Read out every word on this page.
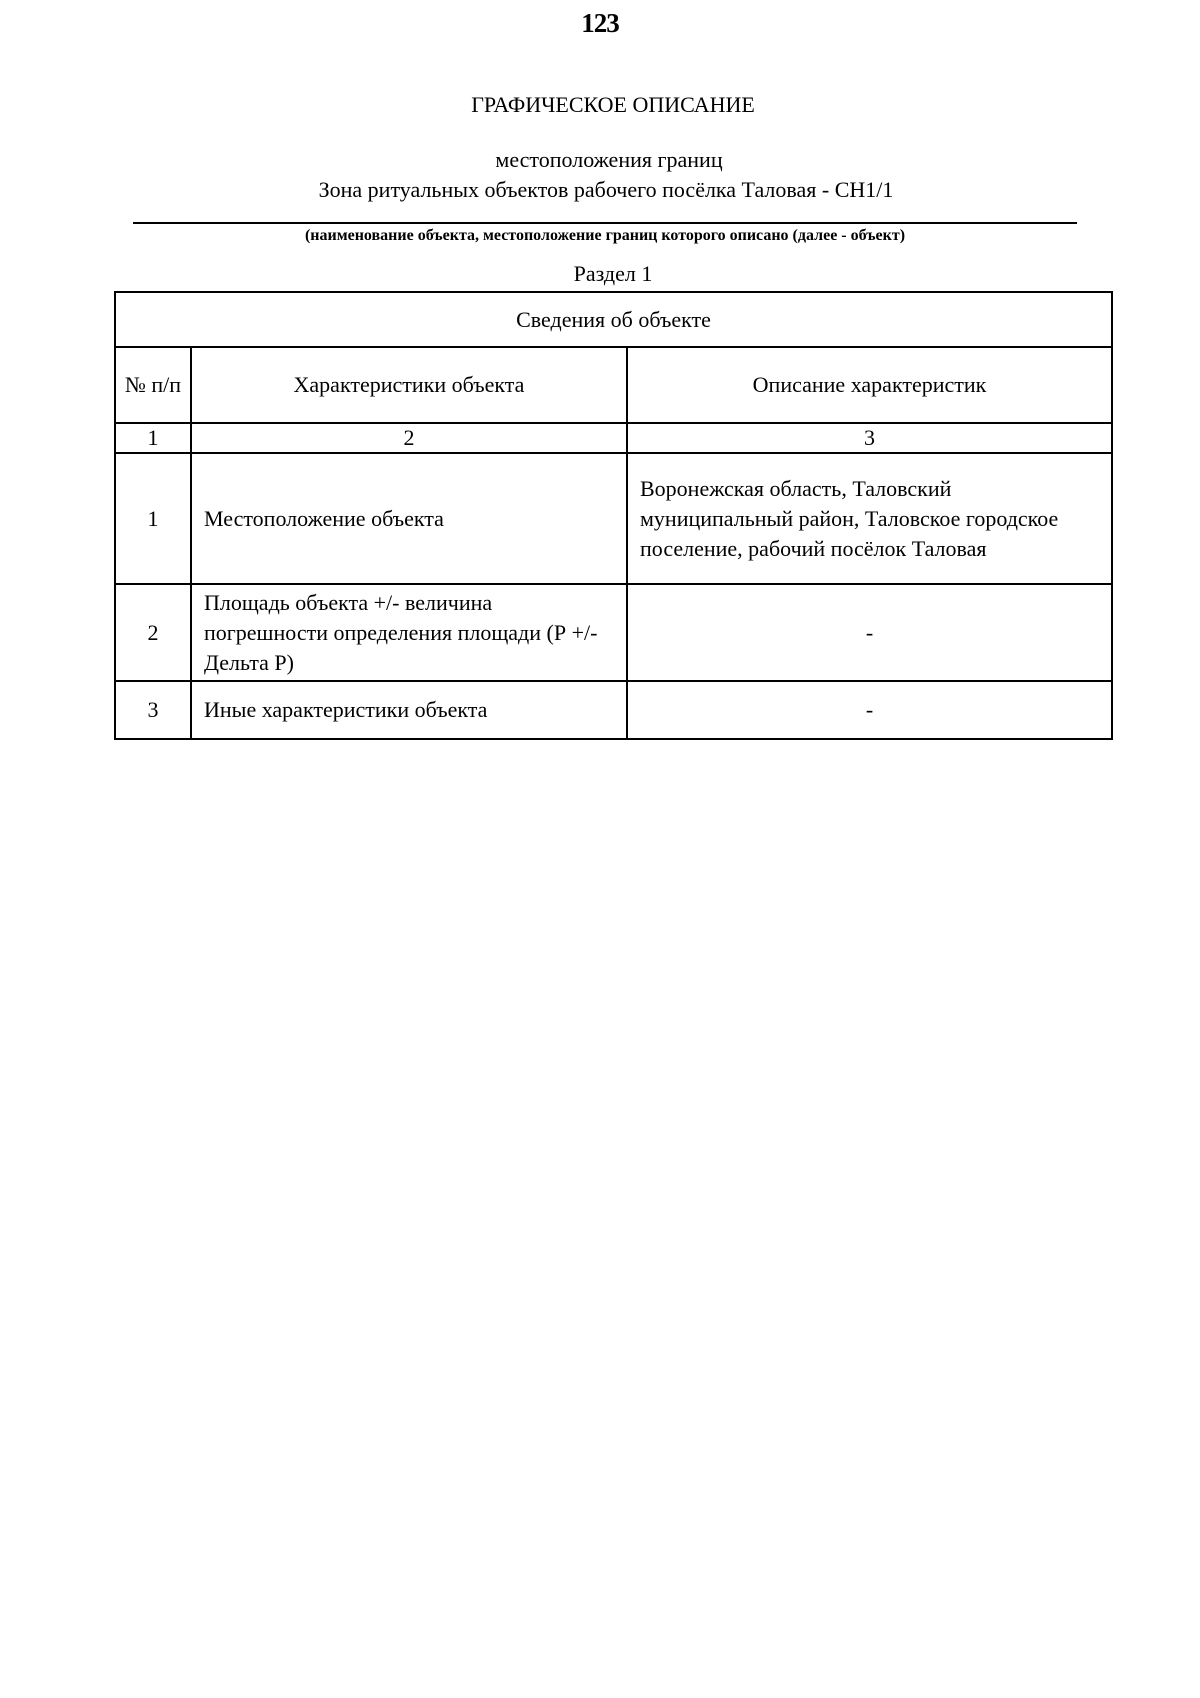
123
ГРАФИЧЕСКОЕ ОПИСАНИЕ
местоположения границ
Зона ритуальных объектов рабочего посёлка Таловая - СН1/1
(наименование объекта, местоположение границ которого описано (далее - объект)
Раздел 1
Сведения об объекте		
№ п/п	Характеристики объекта	Описание характеристик
1	2	3
1	Местоположение объекта	Воронежская область, Таловский муниципальный район, Таловское городское поселение, рабочий посёлок Таловая
2	Площадь объекта +/- величина погрешности определения площади (Р +/- Дельта Р)	-
3	Иные характеристики объекта	-
